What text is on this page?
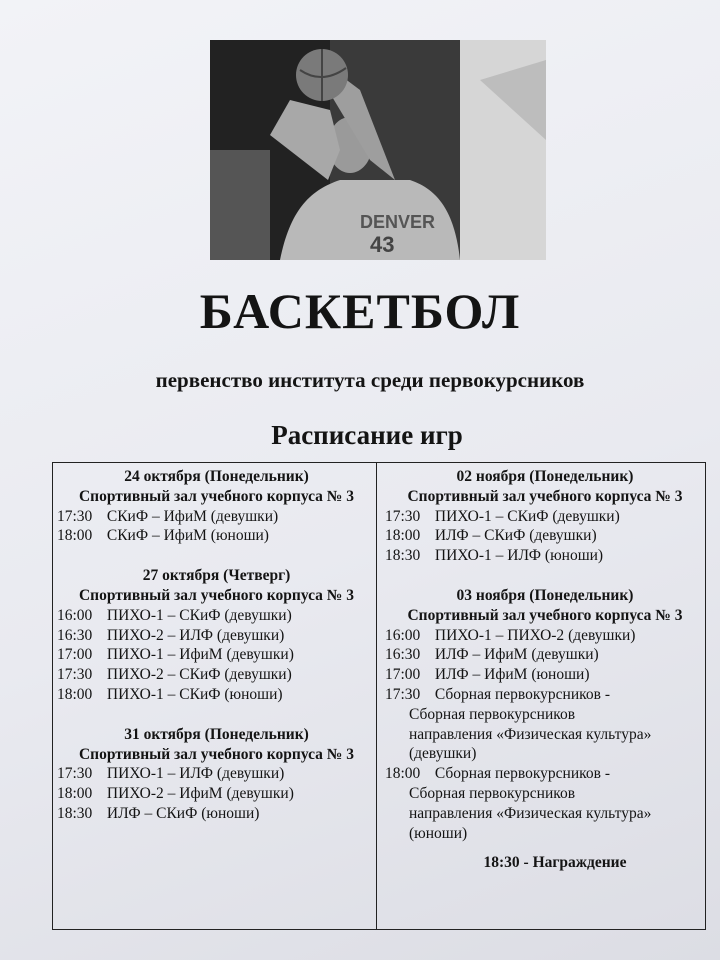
DENVER
43
БАСКЕТБОЛ
первенство института среди первокурсников
Расписание игр
24 октября (Понедельник)
Спортивный зал учебного корпуса № 3
17:30 СКиФ – ИфиМ (девушки)
18:00 СКиФ – ИфиМ (юноши)
27 октября (Четверг)
Спортивный зал учебного корпуса № 3
16:00 ПИХО-1 – СКиФ (девушки)
16:30 ПИХО-2 – ИЛФ (девушки)
17:00 ПИХО-1 – ИфиМ (девушки)
17:30 ПИХО-2 – СКиФ (девушки)
18:00 ПИХО-1 – СКиФ (юноши)
31 октября (Понедельник)
Спортивный зал учебного корпуса № 3
17:30 ПИХО-1 – ИЛФ (девушки)
18:00 ПИХО-2 – ИфиМ (девушки)
18:30 ИЛФ – СКиФ (юноши)
02 ноября (Понедельник)
Спортивный зал учебного корпуса № 3
17:30 ПИХО-1 – СКиФ (девушки)
18:00 ИЛФ – СКиФ (девушки)
18:30 ПИХО-1 – ИЛФ (юноши)
03 ноября (Понедельник)
Спортивный зал учебного корпуса № 3
16:00 ПИХО-1 – ПИХО-2 (девушки)
16:30 ИЛФ – ИфиМ (девушки)
17:00 ИЛФ – ИфиМ (юноши)
17:30 Сборная первокурсников -
Сборная первокурсников
направления «Физическая культура»
(девушки)
18:00 Сборная первокурсников -
Сборная первокурсников
направления «Физическая культура»
(юноши)
18:30 - Награждение
